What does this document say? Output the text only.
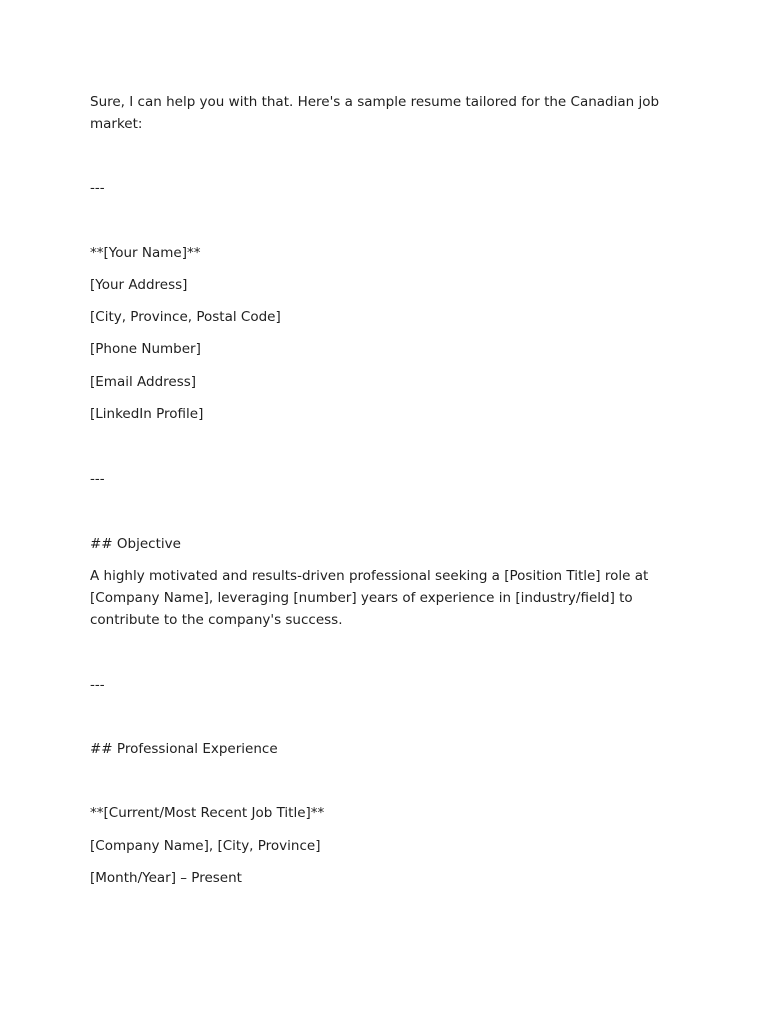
Sure, I can help you with that. Here's a sample resume tailored for the Canadian job market:

---

**[Your Name]**

[Your Address]

[City, Province, Postal Code]

[Phone Number]

[Email Address]

[LinkedIn Profile]

---

## Objective

A highly motivated and results-driven professional seeking a [Position Title] role at [Company Name], leveraging [number] years of experience in [industry/field] to contribute to the company's success.

---

## Professional Experience

**[Current/Most Recent Job Title]**

[Company Name], [City, Province]

[Month/Year] – Present
